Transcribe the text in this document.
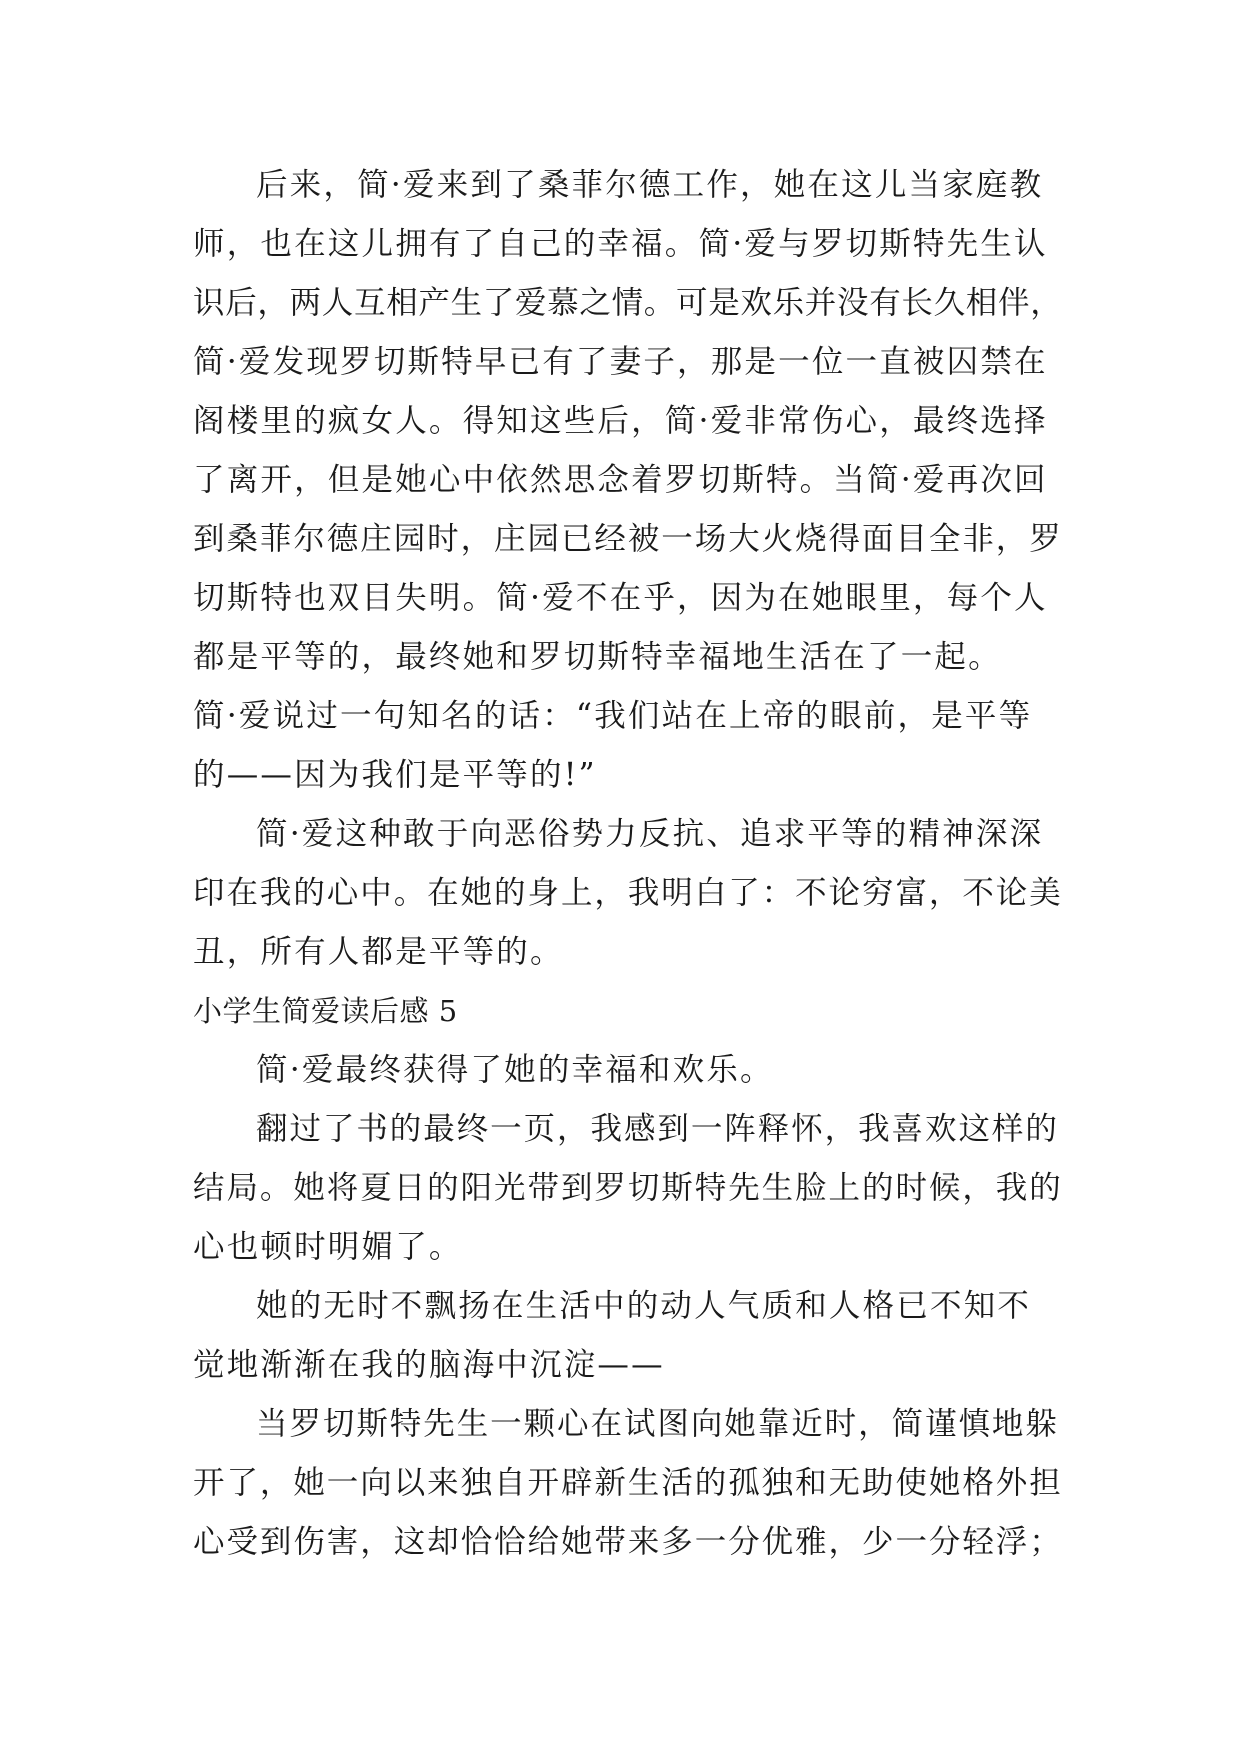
后来，简·爱来到了桑菲尔德工作，她在这儿当家庭教
师，也在这儿拥有了自己的幸福。简·爱与罗切斯特先生认
识后，两人互相产生了爱慕之情。可是欢乐并没有长久相伴，
简·爱发现罗切斯特早已有了妻子，那是一位一直被囚禁在
阁楼里的疯女人。得知这些后，简·爱非常伤心，最终选择
了离开，但是她心中依然思念着罗切斯特。当简·爱再次回
到桑菲尔德庄园时，庄园已经被一场大火烧得面目全非，罗
切斯特也双目失明。简·爱不在乎，因为在她眼里，每个人
都是平等的，最终她和罗切斯特幸福地生活在了一起。
简·爱说过一句知名的话：“我们站在上帝的眼前，是平等
的——因为我们是平等的!”
简·爱这种敢于向恶俗势力反抗、追求平等的精神深深
印在我的心中。在她的身上，我明白了：不论穷富，不论美
丑，所有人都是平等的。
小学生简爱读后感 5
简·爱最终获得了她的幸福和欢乐。
翻过了书的最终一页，我感到一阵释怀，我喜欢这样的
结局。她将夏日的阳光带到罗切斯特先生脸上的时候，我的
心也顿时明媚了。
她的无时不飘扬在生活中的动人气质和人格已不知不
觉地渐渐在我的脑海中沉淀——
当罗切斯特先生一颗心在试图向她靠近时，简谨慎地躲
开了，她一向以来独自开辟新生活的孤独和无助使她格外担
心受到伤害，这却恰恰给她带来多一分优雅，少一分轻浮；
